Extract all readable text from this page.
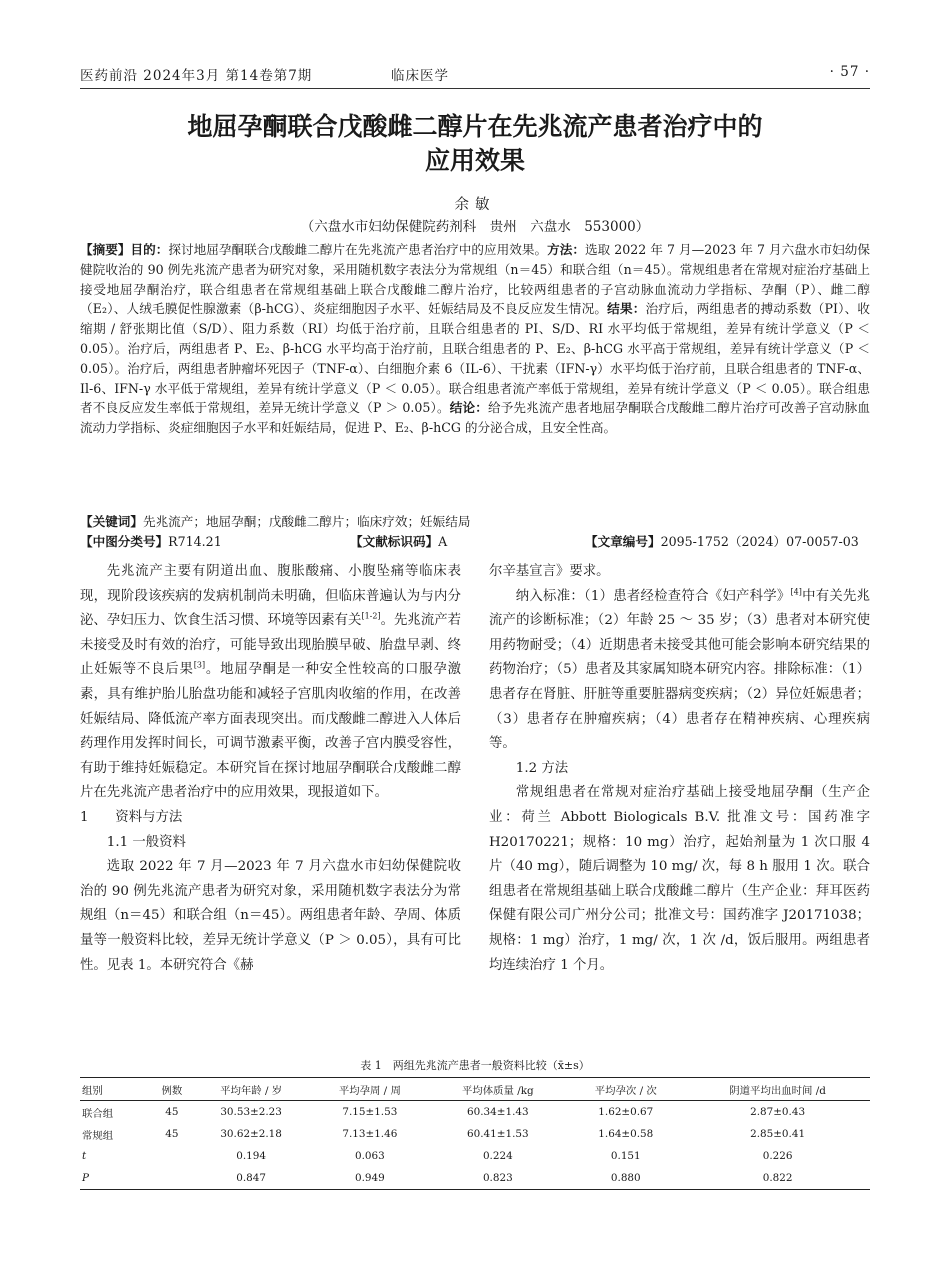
医药前沿 2024年3月 第14卷第7期	临床医学	· 57 ·
地屈孕酮联合戊酸雌二醇片在先兆流产患者治疗中的
应用效果
余敏
（六盘水市妇幼保健院药剂科　贵州　六盘水　553000）
【摘要】目的：探讨地屈孕酮联合戊酸雌二醇片在先兆流产患者治疗中的应用效果。方法：选取 2022 年 7 月—2023 年 7 月六盘水市妇幼保健院收治的 90 例先兆流产患者为研究对象，采用随机数字表法分为常规组（n＝45）和联合组（n＝45）。常规组患者在常规对症治疗基础上接受地屈孕酮治疗，联合组患者在常规组基础上联合戊酸雌二醇片治疗，比较两组患者的子宫动脉血流动力学指标、孕酮（P）、雌二醇（E₂）、人绒毛膜促性腺激素（β-hCG）、炎症细胞因子水平、妊娠结局及不良反应发生情况。结果：治疗后，两组患者的搏动系数（PI）、收缩期 / 舒张期比值（S/D）、阻力系数（RI）均低于治疗前，且联合组患者的 PI、S/D、RI 水平均低于常规组，差异有统计学意义（P ＜ 0.05）。治疗后，两组患者 P、E₂、β-hCG 水平均高于治疗前，且联合组患者的 P、E₂、β-hCG 水平高于常规组，差异有统计学意义（P ＜ 0.05）。治疗后，两组患者肿瘤坏死因子（TNF-α）、白细胞介素 6（IL-6）、干扰素（IFN-γ）水平均低于治疗前，且联合组患者的 TNF-α、Il-6、IFN-γ 水平低于常规组，差异有统计学意义（P ＜ 0.05）。联合组患者流产率低于常规组，差异有统计学意义（P ＜ 0.05）。联合组患者不良反应发生率低于常规组，差异无统计学意义（P ＞ 0.05）。结论：给予先兆流产患者地屈孕酮联合戊酸雌二醇片治疗可改善子宫动脉血流动力学指标、炎症细胞因子水平和妊娠结局，促进 P、E₂、β-hCG 的分泌合成，且安全性高。
【关键词】先兆流产；地屈孕酮；戊酸雌二醇片；临床疗效；妊娠结局
【中图分类号】R714.21	【文献标识码】A	【文章编号】2095-1752（2024）07-0057-03

先兆流产主要有阴道出血、腹胀酸痛、小腹坠痛等临床表现，现阶段该疾病的发病机制尚未明确，但临床普遍认为与内分泌、孕妇压力、饮食生活习惯、环境等因素有关[1-2]。先兆流产若未接受及时有效的治疗，可能导致出现胎膜早破、胎盘早剥、终止妊娠等不良后果[3]。地屈孕酮是一种安全性较高的口服孕激素，具有维护胎儿胎盘功能和减轻子宫肌肉收缩的作用，在改善妊娠结局、降低流产率方面表现突出。而戊酸雌二醇进入人体后药理作用发挥时间长，可调节激素平衡，改善子宫内膜受容性，有助于维持妊娠稳定。本研究旨在探讨地屈孕酮联合戊酸雌二醇片在先兆流产患者治疗中的应用效果，现报道如下。

1　　资料与方法

1.1 一般资料

选取 2022 年 7 月—2023 年 7 月六盘水市妇幼保健院收治的 90 例先兆流产患者为研究对象，采用随机数字表法分为常规组（n＝45）和联合组（n＝45）。两组患者年龄、孕周、体质量等一般资料比较，差异无统计学意义（P ＞ 0.05），具有可比性。见表 1。本研究符合《赫

尔辛基宣言》要求。

纳入标准：（1）患者经检查符合《妇产科学》[4]中有关先兆流产的诊断标准；（2）年龄 25 ～ 35 岁；（3）患者对本研究使用药物耐受；（4）近期患者未接受其他可能会影响本研究结果的药物治疗；（5）患者及其家属知晓本研究内容。排除标准：（1）患者存在肾脏、肝脏等重要脏器病变疾病；（2）异位妊娠患者；（3）患者存在肿瘤疾病；（4）患者存在精神疾病、心理疾病等。

1.2 方法

常规组患者在常规对症治疗基础上接受地屈孕酮（生产企业：荷兰 Abbott Biologicals B.V. 批准文号：国药准字 H20170221；规格：10 mg）治疗，起始剂量为 1 次口服 4 片（40 mg），随后调整为 10 mg/ 次，每 8 h 服用 1 次。联合组患者在常规组基础上联合戊酸雌二醇片（生产企业：拜耳医药保健有限公司广州分公司；批准文号：国药准字 J20171038；规格：1 mg）治疗，1 mg/ 次，1 次 /d，饭后服用。两组患者均连续治疗 1 个月。

表 1　两组先兆流产患者一般资料比较（x̄±s）
组别	例数	平均年龄 / 岁	平均孕周 / 周	平均体质量 /kg	平均孕次 / 次	阴道平均出血时间 /d
联合组	45	30.53±2.23	7.15±1.53	60.34±1.43	1.62±0.67	2.87±0.43
常规组	45	30.62±2.18	7.13±1.46	60.41±1.53	1.64±0.58	2.85±0.41
t		0.194	0.063	0.224	0.151	0.226
P		0.847	0.949	0.823	0.880	0.822
